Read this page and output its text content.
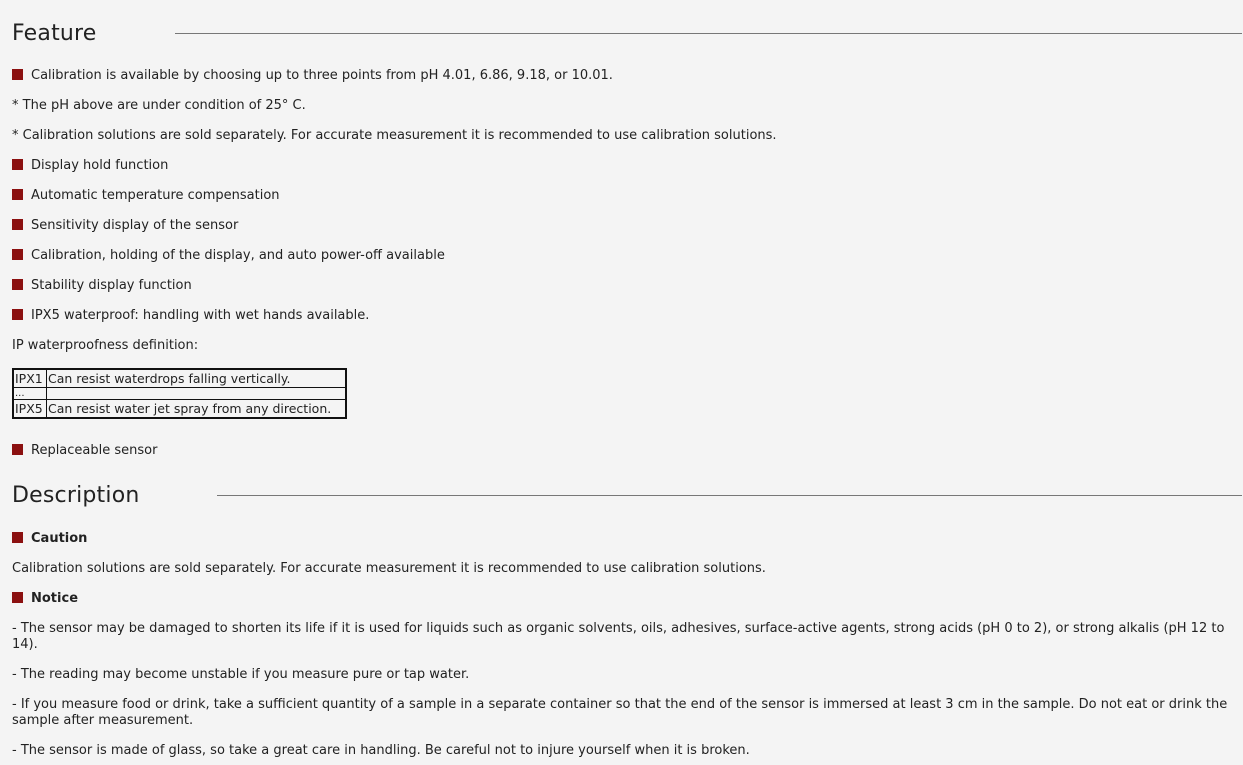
Feature
Calibration is available by choosing up to three points from pH 4.01, 6.86, 9.18, or 10.01.
* The pH above are under condition of 25° C.
* Calibration solutions are sold separately. For accurate measurement it is recommended to use calibration solutions.
Display hold function
Automatic temperature compensation
Sensitivity display of the sensor
Calibration, holding of the display, and auto power-off available
Stability display function
IPX5 waterproof: handling with wet hands available.
IP waterproofness definition:
IPX1	Can resist waterdrops falling vertically.
...	
IPX5	Can resist water jet spray from any direction.
Replaceable sensor
Description
Caution
Calibration solutions are sold separately. For accurate measurement it is recommended to use calibration solutions.
Notice
- The sensor may be damaged to shorten its life if it is used for liquids such as organic solvents, oils, adhesives, surface-active agents, strong acids (pH 0 to 2), or strong alkalis (pH 12 to 14).
- The reading may become unstable if you measure pure or tap water.
- If you measure food or drink, take a sufficient quantity of a sample in a separate container so that the end of the sensor is immersed at least 3 cm in the sample. Do not eat or drink the sample after measurement.
- The sensor is made of glass, so take a great care in handling. Be careful not to injure yourself when it is broken.
